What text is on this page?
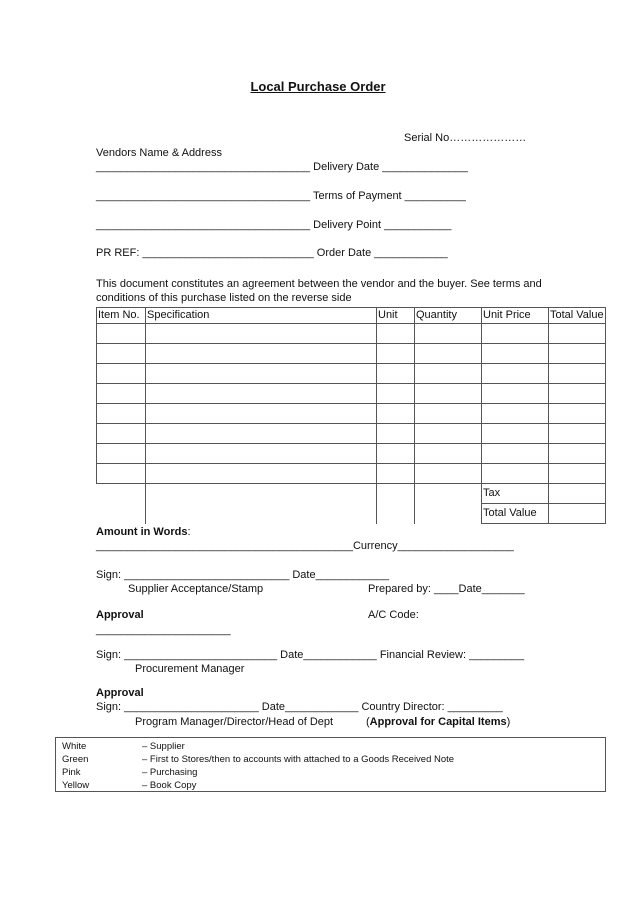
Local Purchase Order
Serial No…………………
Vendors Name & Address
___________________________________ Delivery Date ______________
___________________________________ Terms of Payment __________
___________________________________ Delivery Point ___________
PR REF: ____________________________ Order Date ____________
This document constitutes an agreement between the vendor and the buyer. See terms and
conditions of this purchase listed on the reverse side
Item No.	Specification	Unit	Quantity	Unit Price	Total Value

				Tax	
				Total Value	
Amount in Words:
__________________________________________Currency___________________
Sign: ___________________________ Date____________
Supplier Acceptance/Stamp	Prepared by: ____Date_______
Approval	A/C Code:
______________________
Sign: _________________________ Date____________ Financial Review: _________
Procurement Manager
Approval
Sign: ______________________ Date____________ Country Director: _________
Program Manager/Director/Head of Dept	(Approval for Capital Items)
White	– Supplier
Green	– First to Stores/then to accounts with attached to a Goods Received Note
Pink	– Purchasing
Yellow	– Book Copy
